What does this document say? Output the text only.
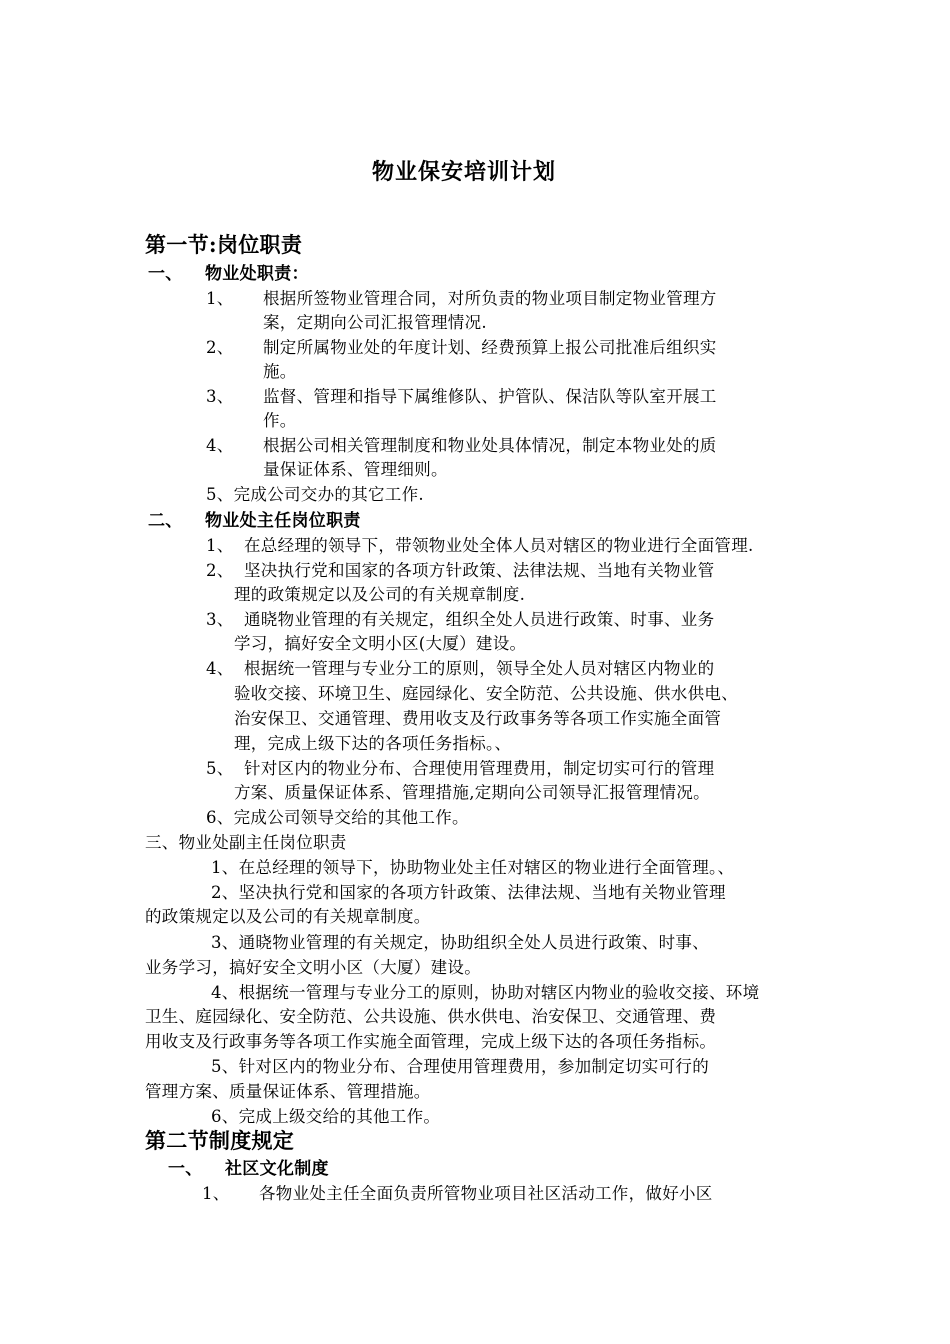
物业保安培训计划
第一节:岗位职责
一、 物业处职责：
1、 根据所签物业管理合同，对所负责的物业项目制定物业管理方
案，定期向公司汇报管理情况.
2、 制定所属物业处的年度计划、经费预算上报公司批准后组织实
施。
3、 监督、管理和指导下属维修队、护管队、保洁队等队室开展工
作。
4、 根据公司相关管理制度和物业处具体情况，制定本物业处的质
量保证体系、管理细则。
5、完成公司交办的其它工作.
二、 物业处主任岗位职责
1、 在总经理的领导下，带领物业处全体人员对辖区的物业进行全面管理.
2、 坚决执行党和国家的各项方针政策、法律法规、当地有关物业管
理的政策规定以及公司的有关规章制度.
3、 通晓物业管理的有关规定，组织全处人员进行政策、时事、业务
学习，搞好安全文明小区(大厦）建设。
4、 根据统一管理与专业分工的原则，领导全处人员对辖区内物业的
验收交接、环境卫生、庭园绿化、安全防范、公共设施、供水供电、
治安保卫、交通管理、费用收支及行政事务等各项工作实施全面管
理，完成上级下达的各项任务指标。、
5、 针对区内的物业分布、合理使用管理费用，制定切实可行的管理
方案、质量保证体系、管理措施,定期向公司领导汇报管理情况。
6、完成公司领导交给的其他工作。
三、物业处副主任岗位职责
1、在总经理的领导下，协助物业处主任对辖区的物业进行全面管理。、
2、坚决执行党和国家的各项方针政策、法律法规、当地有关物业管理
的政策规定以及公司的有关规章制度。
3、通晓物业管理的有关规定，协助组织全处人员进行政策、时事、
业务学习，搞好安全文明小区（大厦）建设。
4、根据统一管理与专业分工的原则，协助对辖区内物业的验收交接、环境
卫生、庭园绿化、安全防范、公共设施、供水供电、治安保卫、交通管理、费
用收支及行政事务等各项工作实施全面管理，完成上级下达的各项任务指标。
5、针对区内的物业分布、合理使用管理费用，参加制定切实可行的
管理方案、质量保证体系、管理措施。
6、完成上级交给的其他工作。
第二节制度规定
一、 社区文化制度
1、 各物业处主任全面负责所管物业项目社区活动工作，做好小区
